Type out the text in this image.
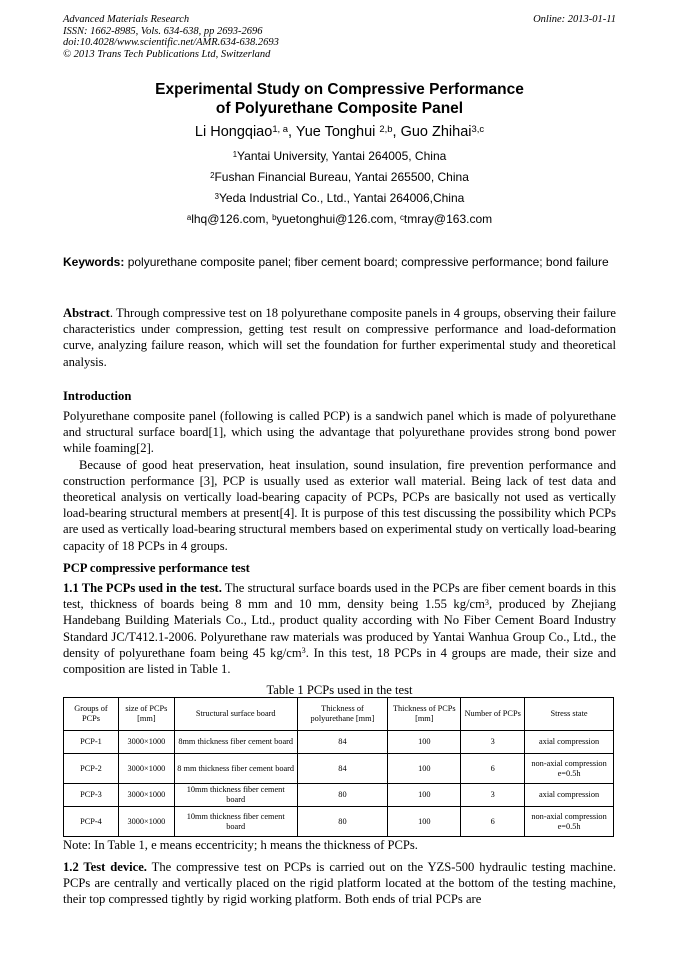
Advanced Materials Research
ISSN: 1662-8985, Vols. 634-638, pp 2693-2696
doi:10.4028/www.scientific.net/AMR.634-638.2693
© 2013 Trans Tech Publications Ltd, Switzerland
Online: 2013-01-11
Experimental Study on Compressive Performance
of Polyurethane Composite Panel
Li Hongqiao$^{1, a}$, Yue Tonghui $^{2,b}$, Guo Zhihai$^{3,c}$
$^1$Yantai University, Yantai 264005, China
$^2$Fushan Financial Bureau, Yantai 265500, China
$^3$Yeda Industrial Co., Ltd., Yantai 264006,China
$^a$lhq@126.com, $^b$yuetonghui@126.com, $^c$tmray@163.com
Keywords: polyurethane composite panel; fiber cement board; compressive performance; bond failure

Abstract. Through compressive test on 18 polyurethane composite panels in 4 groups, observing their failure characteristics under compression, getting test result on compressive performance and load-deformation curve, analyzing failure reason, which will set the foundation for further experimental study and theoretical analysis.

Introduction

Polyurethane composite panel (following is called PCP) is a sandwich panel which is made of polyurethane and structural surface board[1], which using the advantage that polyurethane provides strong bond power while foaming[2].

Because of good heat preservation, heat insulation, sound insulation, fire prevention performance and construction performance [3], PCP is usually used as exterior wall material. Being lack of test data and theoretical analysis on vertically load-bearing capacity of PCPs, PCPs are basically not used as vertically load-bearing structural members at present[4]. It is purpose of this test discussing the possibility which PCPs are used as vertically load-bearing structural members based on experimental study on vertically load-bearing capacity of 18 PCPs in 4 groups.

PCP compressive performance test

1.1 The PCPs used in the test. The structural surface boards used in the PCPs are fiber cement boards in this test, thickness of boards being 8 mm and 10 mm, density being 1.55 $kg/cm^3$, produced by Zhejiang Handebang Building Materials Co., Ltd., product quality according with No Fiber Cement Board Industry Standard JC/T412.1-2006. Polyurethane raw materials was produced by Yantai Wanhua Group Co., Ltd., the density of polyurethane foam being 45 $kg/cm^3$. In this test, 18 PCPs in 4 groups are made, their size and composition are listed in Table 1.

Table 1 PCPs used in the test
Groups of PCPs	size of PCPs [mm]	Structural surface board	Thickness of polyurethane [mm]	Thickness of PCPs [mm]	Number of PCPs	Stress state
PCP-1	3000×1000	8mm thickness fiber cement board	84	100	3	axial compression
PCP-2	3000×1000	8 mm thickness fiber cement board	84	100	6	non-axial compression e=0.5h
PCP-3	3000×1000	10mm thickness fiber cement board	80	100	3	axial compression
PCP-4	3000×1000	10mm thickness fiber cement board	80	100	6	non-axial compression e=0.5h
Note: In Table 1, e means eccentricity; h means the thickness of PCPs.

1.2 Test device. The compressive test on PCPs is carried out on the YZS-500 hydraulic testing machine. PCPs are centrally and vertically placed on the rigid platform located at the bottom of the testing machine, their top compressed tightly by rigid working platform. Both ends of trial PCPs are
